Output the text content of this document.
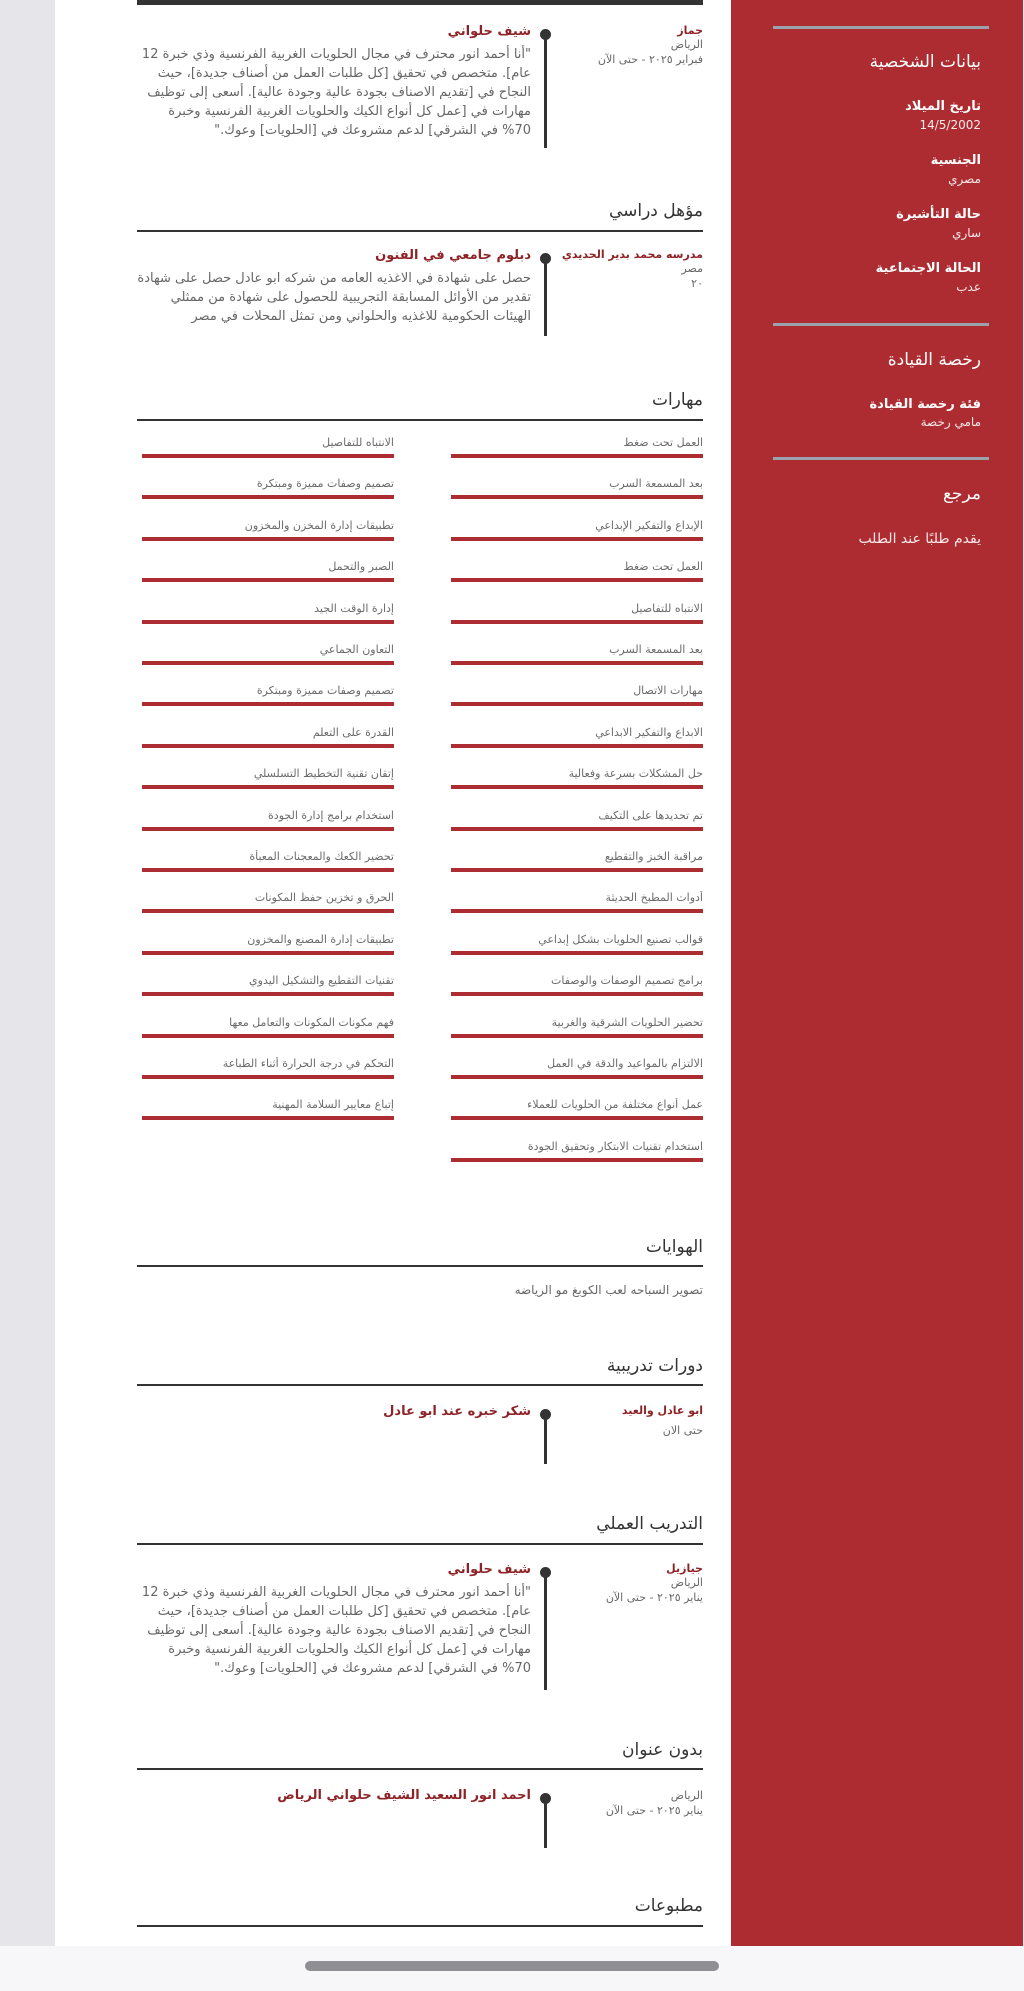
بيانات الشخصية
تاريخ الميلاد
14/5/2002
الجنسية
مصري
حالة التأشيرة
ساري
الحالة الاجتماعية
عدب
رخصة القيادة
فئة رخصة القيادة
مامي رخصة
مرجع
يقدم طلبًا عند الطلب
جماز
الرياض
فبراير ٢٠٢٥ - حتى الآن
شيف حلواني
"أنا أحمد انور محترف في مجال الحلويات الغربية الفرنسية وذي خبرة 12 عام]. متخصص في تحقيق [كل طلبات العمل من أصناف جديدة]، حيث النجاح في [تقديم الاصناف بجودة عالية وجودة عالية]. أسعى إلى توظيف مهارات في [عمل كل أنواع الكيك والحلويات الغربية الفرنسية وخبرة 70% في الشرقي] لدعم مشروعك في [الحلويات] وعوك."
مؤهل دراسي
مدرسه محمد بدير الحديدي
مصر
٢٠
دبلوم جامعي في الفنون
حصل على شهادة في الاغذيه العامه من شركه ابو عادل حصل على شهادة تقدير من الأوائل المسابقة التجريبية للحصول على شهادة من ممثلي الهيئات الحكومية للاغذيه والحلواني ومن تمثل المحلات في مصر
مهارات
العمل تحت ضغط
بعد المسمعة السرب
الإبداع والتفكير الإبداعي
العمل تحت ضغط
الانتباه للتفاصيل
بعد المسمعة السرب
مهارات الاتصال
الابداع والتفكير الابداعي
حل المشكلات بسرعة وفعالية
تم تحديدها على التكيف
مراقبة الخبز والتقطيع
أدوات المطبخ الحديثة
قوالب تصنيع الحلويات بشكل إبداعي
برامج تصميم الوصفات والوصفات
تحضير الحلويات الشرقية والغربية
الالتزام بالمواعيد والدقة في العمل
عمل أنواع مختلفة من الحلويات للعملاء
استخدام تقنيات الابتكار وتحقيق الجودة
الانتباه للتفاصيل
تصميم وصفات مميزة ومبتكرة
تطبيقات إدارة المخزن والمخزون
الصبر والتحمل
إدارة الوقت الجيد
التعاون الجماعي
تصميم وصفات مميزة ومبتكرة
القدرة على التعلم
إتقان تقنية التخطيط التسلسلي
استخدام برامج إدارة الجودة
تحضير الكعك والمعجنات المعبأة
الحرق و تخزين حفظ المكونات
تطبيقات إدارة المصنع والمخزون
تقنيات التقطيع والتشكيل اليدوي
فهم مكونات المكونات والتعامل معها
التحكم في درجة الحرارة أثناء الطباعة
إتباع معايير السلامة المهنية
الهوايات
تصوير السباحه لعب الكوبغ مو الرياضه
دورات تدريبية
ابو عادل والعيد
حتى الان
شكر خبره عند ابو عادل
التدريب العملي
جيازيل
الرياض
يناير ٢٠٢٥ - حتى الآن
شيف حلواني
"أنا أحمد انور محترف في مجال الحلويات الغربية الفرنسية وذي خبرة 12 عام]. متخصص في تحقيق [كل طلبات العمل من أصناف جديدة]، حيث النجاح في [تقديم الاصناف بجودة عالية وجودة عالية]. أسعى إلى توظيف مهارات في [عمل كل أنواع الكيك والحلويات الغربية الفرنسية وخبرة 70% في الشرقي] لدعم مشروعك في [الحلويات] وعوك."
بدون عنوان
الرياض
يناير ٢٠٢٥ - حتى الآن
احمد انور السعيد الشيف حلواني الرياض
مطبوعات
